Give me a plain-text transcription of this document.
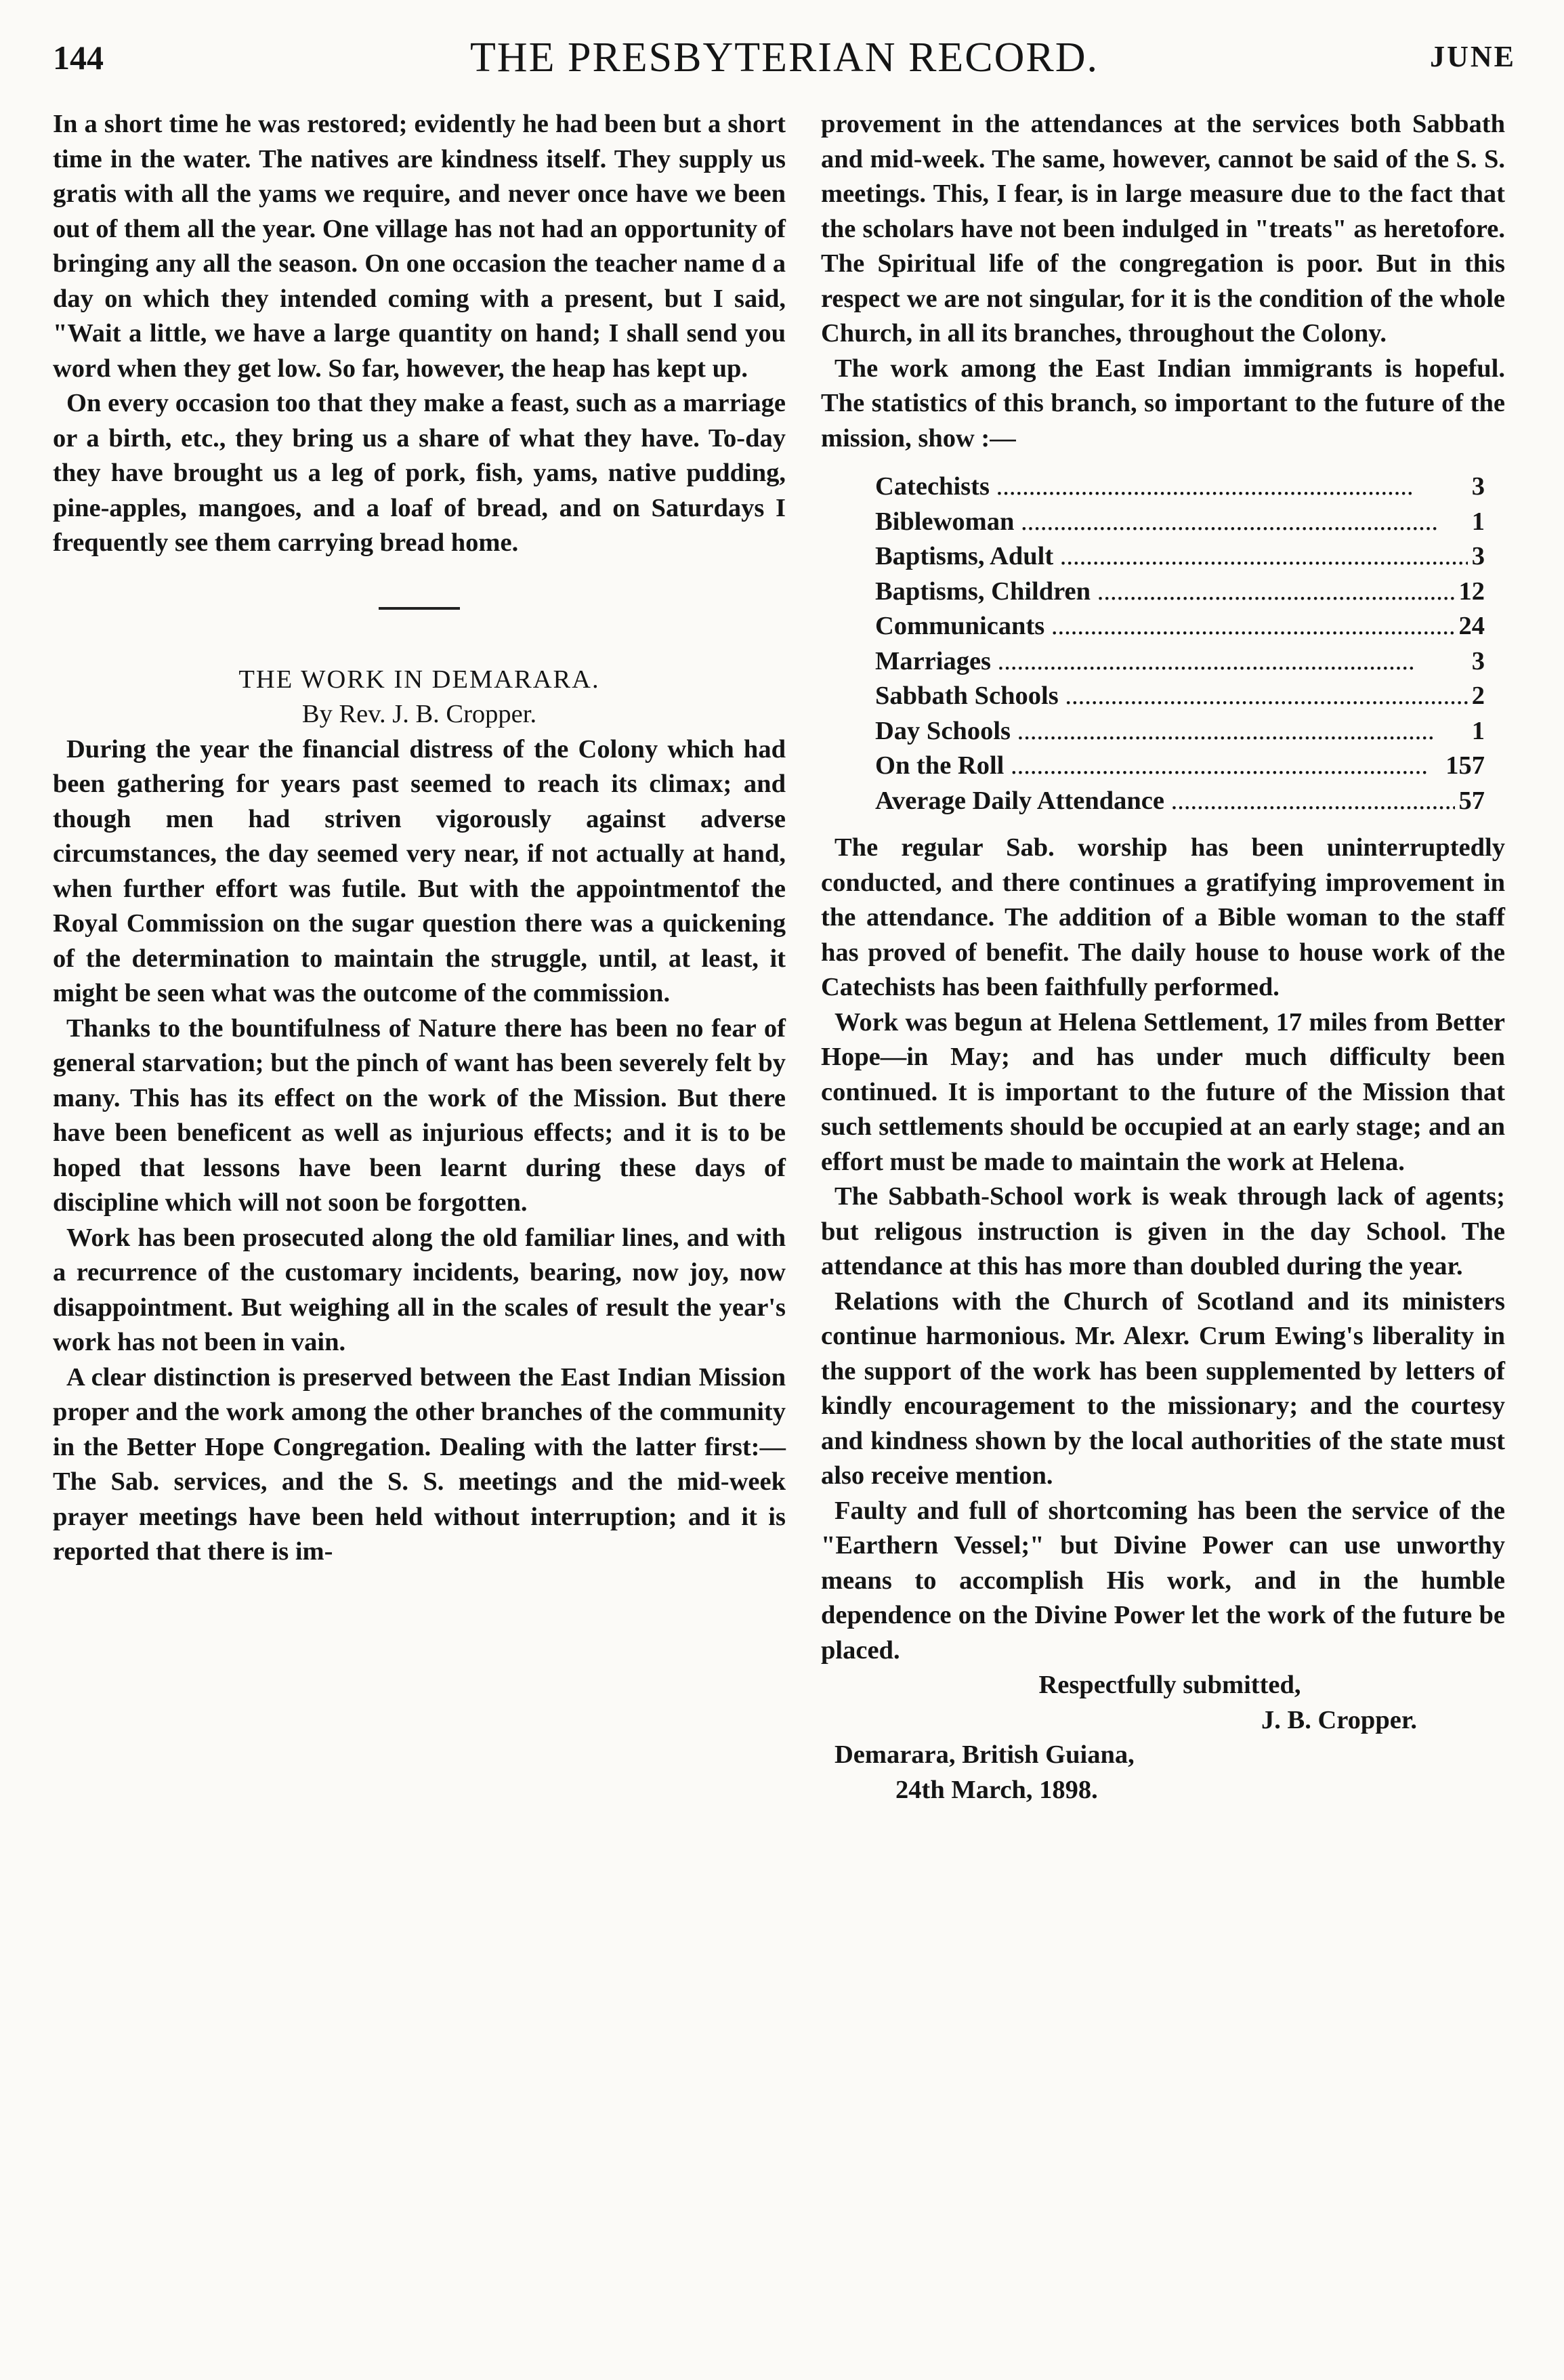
144	THE PRESBYTERIAN RECORD.	JUNE

In a short time he was restored; evidently he had been but a short time in the water. The natives are kindness itself. They supply us gratis with all the yams we require, and never once have we been out of them all the year. One village has not had an opportunity of bringing any all the season. On one occasion the teacher name d a day on which they intended coming with a present, but I said, "Wait a little, we have a large quantity on hand; I shall send you word when they get low. So far, however, the heap has kept up.

On every occasion too that they make a feast, such as a marriage or a birth, etc., they bring us a share of what they have. To-day they have brought us a leg of pork, fish, yams, native pudding, pine-apples, mangoes, and a loaf of bread, and on Saturdays I frequently see them carrying bread home.

THE WORK IN DEMARARA.

By Rev. J. B. Cropper.

During the year the financial distress of the Colony which had been gathering for years past seemed to reach its climax; and though men had striven vigorously against adverse circumstances, the day seemed very near, if not actually at hand, when further effort was futile. But with the appointmentof the Royal Commission on the sugar question there was a quickening of the determination to maintain the struggle, until, at least, it might be seen what was the outcome of the commission.

Thanks to the bountifulness of Nature there has been no fear of general starvation; but the pinch of want has been severely felt by many. This has its effect on the work of the Mission. But there have been beneficent as well as injurious effects; and it is to be hoped that lessons have been learnt during these days of discipline which will not soon be forgotten.

Work has been prosecuted along the old familiar lines, and with a recurrence of the customary incidents, bearing, now joy, now disappointment. But weighing all in the scales of result the year's work has not been in vain.

A clear distinction is preserved between the East Indian Mission proper and the work among the other branches of the community in the Better Hope Congregation. Dealing with the latter first:—The Sab. services, and the S. S. meetings and the mid-week prayer meetings have been held without interruption; and it is reported that there is im-

provement in the attendances at the services both Sabbath and mid-week. The same, however, cannot be said of the S. S. meetings. This, I fear, is in large measure due to the fact that the scholars have not been indulged in "treats" as heretofore. The Spiritual life of the congregation is poor. But in this respect we are not singular, for it is the condition of the whole Church, in all its branches, throughout the Colony.

The work among the East Indian immigrants is hopeful. The statistics of this branch, so important to the future of the mission, show :—

Catechists .....	3
Biblewoman .....	1
Baptisms, Adult .....	3
Baptisms, Children .....	12
Communicants .....	24
Marriages .....	3
Sabbath Schools .....	2
Day Schools .....	1
On the Roll .....	157
Average Daily Attendance .....	57

The regular Sab. worship has been uninterruptedly conducted, and there continues a gratifying improvement in the attendance. The addition of a Bible woman to the staff has proved of benefit. The daily house to house work of the Catechists has been faithfully performed.

Work was begun at Helena Settlement, 17 miles from Better Hope—in May; and has under much difficulty been continued. It is important to the future of the Mission that such settlements should be occupied at an early stage; and an effort must be made to maintain the work at Helena.

The Sabbath-School work is weak through lack of agents; but religous instruction is given in the day School. The attendance at this has more than doubled during the year.

Relations with the Church of Scotland and its ministers continue harmonious. Mr. Alexr. Crum Ewing's liberality in the support of the work has been supplemented by letters of kindly encouragement to the missionary; and the courtesy and kindness shown by the local authorities of the state must also receive mention.

Faulty and full of shortcoming has been the service of the "Earthern Vessel;" but Divine Power can use unworthy means to accomplish His work, and in the humble dependence on the Divine Power let the work of the future be placed.

Respectfully submitted,

J. B. Cropper.

Demarara, British Guiana,

24th March, 1898.
